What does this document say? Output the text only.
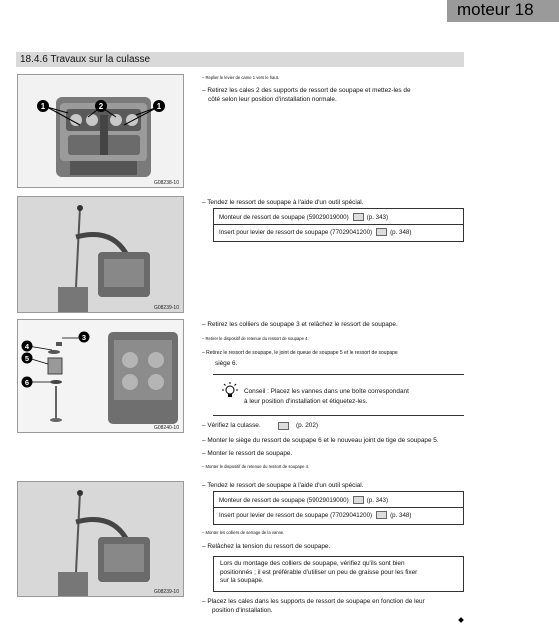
moteur 18
18.4.6 Travaux sur la culasse
1	2	1
G08238-10
G08239-10
3
4
5
6
G08240-10
G08239-10
– Replier le levier de came 1 vers le haut.
– Retirez les cales 2 des supports de ressort de soupape et mettez-les de
côté selon leur position d'installation normale.
– Tendez le ressort de soupape à l'aide d'un outil spécial.
Monteur de ressort de soupape (59029019000)	(p. 343)
Insert pour levier de ressort de soupape (77029041200)	(p. 348)
– Retirez les colliers de soupape 3 et relâchez le ressort de soupape.
– Retirer le dispositif de retenue du ressort de soupape 4.
– Retirez le ressort de soupape, le joint de queue de soupape 5 et le ressort de soupape
siège 6.
Conseil : Placez les vannes dans une boîte correspondant
à leur position d'installation et étiquetez-les.
– Vérifiez la culasse.	(p. 202)
– Monter le siège du ressort de soupape 6 et le nouveau joint de tige de soupape 5.
– Monter le ressort de soupape.
– Monter le dispositif de retenue du ressort de soupape 4.
– Tendez le ressort de soupape à l'aide d'un outil spécial.
Monteur de ressort de soupape (59029019000)	(p. 343)
Insert pour levier de ressort de soupape (77029041200)	(p. 348)
– Monter les colliers de serrage de la vanne.
– Relâchez la tension du ressort de soupape.
Lors du montage des colliers de soupape, vérifiez qu'ils sont bien
positionnés ; il est préférable d'utiliser un peu de graisse pour les fixer
sur la soupape.
– Placez les cales dans les supports de ressort de soupape en fonction de leur
position d'installation.
